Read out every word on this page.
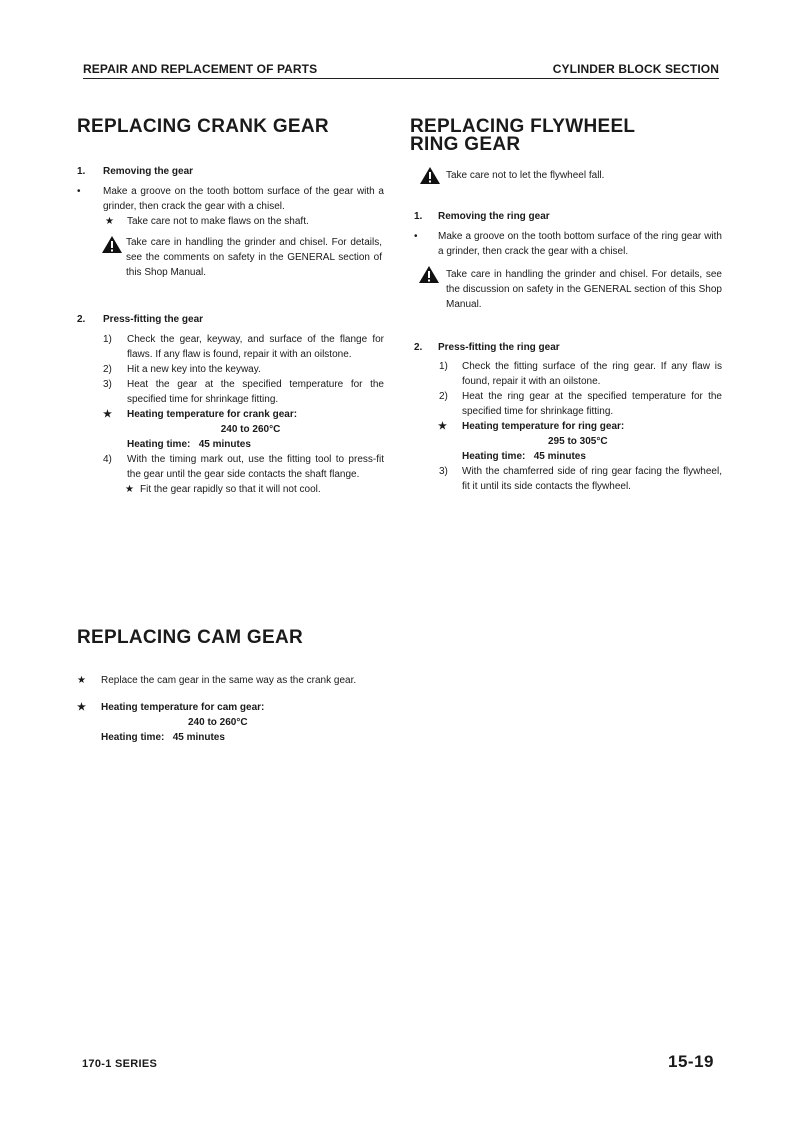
REPAIR AND REPLACEMENT OF PARTS	CYLINDER BLOCK SECTION
REPLACING CRANK GEAR
1. Removing the gear
• Make a groove on the tooth bottom surface of the gear with a grinder, then crack the gear with a chisel.
★ Take care not to make flaws on the shaft.
Take care in handling the grinder and chisel. For details, see the comments on safety in the GENERAL section of this Shop Manual.
2. Press-fitting the gear
1) Check the gear, keyway, and surface of the flange for flaws. If any flaw is found, repair it with an oilstone.
2) Hit a new key into the keyway.
3) Heat the gear at the specified temperature for the specified time for shrinkage fitting.
★ Heating temperature for crank gear:
240 to 260°C
Heating time: 45 minutes
4) With the timing mark out, use the fitting tool to press-fit the gear until the gear side contacts the shaft flange.
★ Fit the gear rapidly so that it will not cool.
REPLACING CAM GEAR
★ Replace the cam gear in the same way as the crank gear.
★ Heating temperature for cam gear:
240 to 260°C
Heating time: 45 minutes
REPLACING FLYWHEEL
RING GEAR
Take care not to let the flywheel fall.
1. Removing the ring gear
• Make a groove on the tooth bottom surface of the ring gear with a grinder, then crack the gear with a chisel.
Take care in handling the grinder and chisel. For details, see the discussion on safety in the GENERAL section of this Shop Manual.
2. Press-fitting the ring gear
1) Check the fitting surface of the ring gear. If any flaw is found, repair it with an oilstone.
2) Heat the ring gear at the specified temperature for the specified time for shrinkage fitting.
★ Heating temperature for ring gear:
295 to 305°C
Heating time: 45 minutes
3) With the chamferred side of ring gear facing the flywheel, fit it until its side contacts the flywheel.
170-1 SERIES	15-19
